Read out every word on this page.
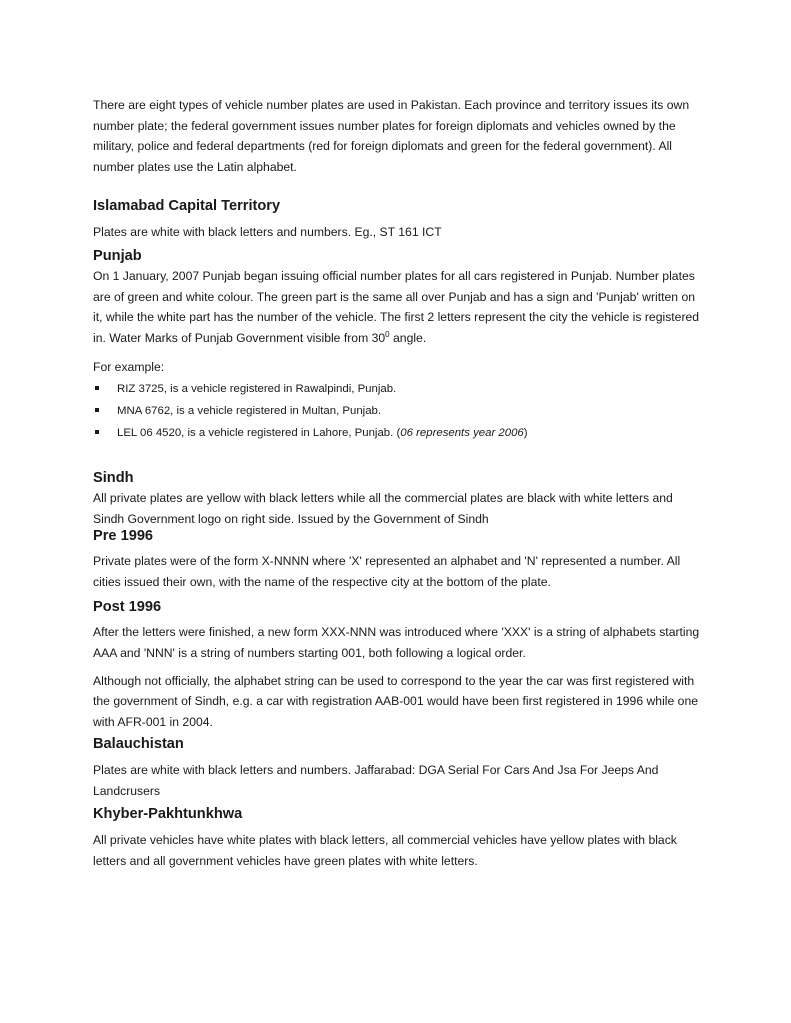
There are eight types of vehicle number plates are used in Pakistan. Each province and territory issues its own number plate; the federal government issues number plates for foreign diplomats and vehicles owned by the military, police and federal departments (red for foreign diplomats and green for the federal government). All number plates use the Latin alphabet.

Islamabad Capital Territory

Plates are white with black letters and numbers. Eg., ST 161 ICT

Punjab

On 1 January, 2007 Punjab began issuing official number plates for all cars registered in Punjab. Number plates are of green and white colour. The green part is the same all over Punjab and has a sign and 'Punjab' written on it, while the white part has the number of the vehicle. The first 2 letters represent the city the vehicle is registered in. Water Marks of Punjab Government visible from $30^0$ angle.

For example:

RIZ 3725, is a vehicle registered in Rawalpindi, Punjab.
MNA 6762, is a vehicle registered in Multan, Punjab.
LEL 06 4520, is a vehicle registered in Lahore, Punjab. (06 represents year 2006)
Sindh

All private plates are yellow with black letters while all the commercial plates are black with white letters and Sindh Government logo on right side. Issued by the Government of Sindh

Pre 1996

Private plates were of the form X-NNNN where 'X' represented an alphabet and 'N' represented a number. All cities issued their own, with the name of the respective city at the bottom of the plate.

Post 1996

After the letters were finished, a new form XXX-NNN was introduced where 'XXX' is a string of alphabets starting AAA and 'NNN' is a string of numbers starting 001, both following a logical order.

Although not officially, the alphabet string can be used to correspond to the year the car was first registered with the government of Sindh, e.g. a car with registration AAB-001 would have been first registered in 1996 while one with AFR-001 in 2004.

Balauchistan

Plates are white with black letters and numbers. Jaffarabad: DGA Serial For Cars And Jsa For Jeeps And Landcrusers

Khyber-Pakhtunkhwa

All private vehicles have white plates with black letters, all commercial vehicles have yellow plates with black letters and all government vehicles have green plates with white letters.
